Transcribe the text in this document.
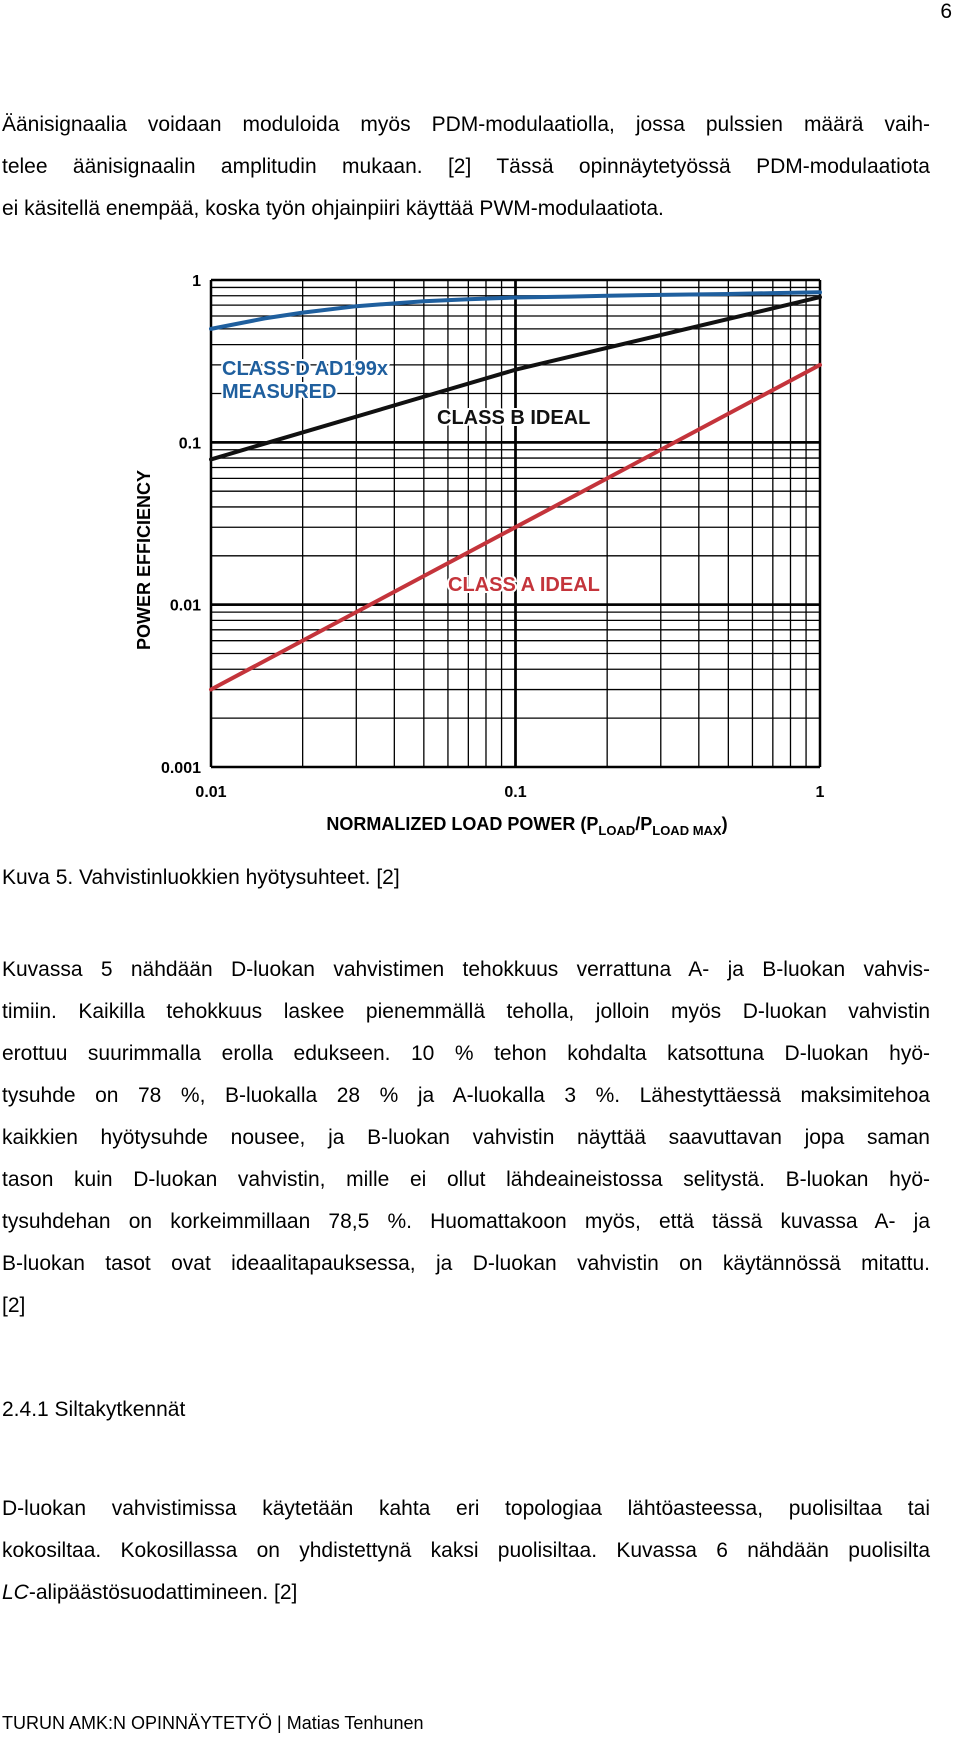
6
Äänisignaalia voidaan moduloida myös PDM-modulaatiolla, jossa pulssien määrä vaih-
telee äänisignaalin amplitudin mukaan. [2] Tässä opinnäytetyössä PDM-modulaatiota
ei käsitellä enempää, koska työn ohjainpiiri käyttää PWM-modulaatiota.
1
0.1
0.01
0.001
0.01	0.1	1
CLASS D AD199x
MEASURED
CLASS B IDEAL
CLASS A IDEAL
POWER EFFICIENCY
NORMALIZED LOAD POWER $(P_{LOAD}/P_{LOAD MAX})$
Kuva 5. Vahvistinluokkien hyötysuhteet. [2]
Kuvassa 5 nähdään D-luokan vahvistimen tehokkuus verrattuna A- ja B-luokan vahvis-
timiin. Kaikilla tehokkuus laskee pienemmällä teholla, jolloin myös D-luokan vahvistin
erottuu suurimmalla erolla edukseen. 10 % tehon kohdalta katsottuna D-luokan hyö-
tysuhde on 78 %, B-luokalla 28 % ja A-luokalla 3 %. Lähestyttäessä maksimitehoa
kaikkien hyötysuhde nousee, ja B-luokan vahvistin näyttää saavuttavan jopa saman
tason kuin D-luokan vahvistin, mille ei ollut lähdeaineistossa selitystä. B-luokan hyö-
tysuhdehan on korkeimmillaan 78,5 %. Huomattakoon myös, että tässä kuvassa A- ja
B-luokan tasot ovat ideaalitapauksessa, ja D-luokan vahvistin on käytännössä mitattu.
[2]
2.4.1 Siltakytkennät
D-luokan vahvistimissa käytetään kahta eri topologiaa lähtöasteessa, puolisiltaa tai
kokosiltaa. Kokosillassa on yhdistettynä kaksi puolisiltaa. Kuvassa 6 nähdään puolisilta
LC-alipäästösuodattimineen. [2]
TURUN AMK:N OPINNÄYTETYÖ | Matias Tenhunen
